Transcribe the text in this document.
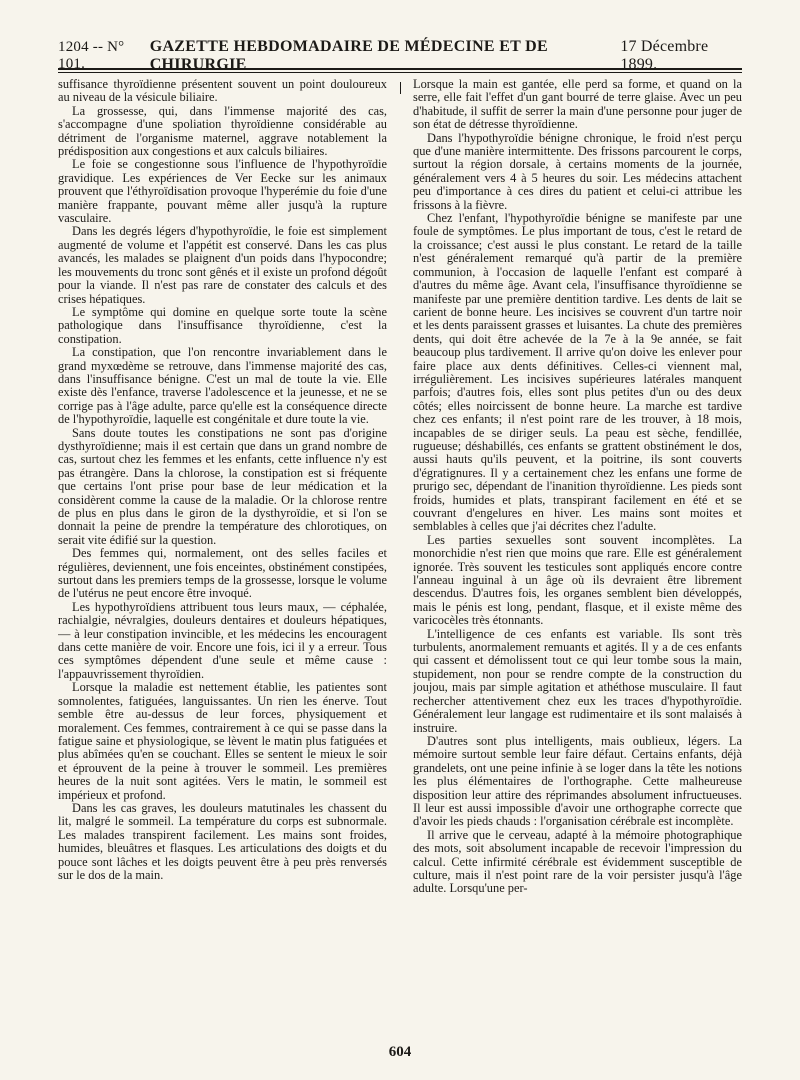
1204 -- N° 101.
GAZETTE HEBDOMADAIRE DE MÉDECINE ET DE CHIRURGIE
17 Décembre 1899.

suffisance thyroïdienne présentent souvent un point douloureux au niveau de la vésicule biliaire.

La grossesse, qui, dans l'immense majorité des cas, s'accompagne d'une spoliation thyroïdienne considérable au détriment de l'organisme maternel, aggrave notablement la prédisposition aux congestions et aux calculs biliaires.

Le foie se congestionne sous l'influence de l'hypothyroïdie gravidique. Les expériences de Ver Eecke sur les animaux prouvent que l'éthyroïdisation provoque l'hyperémie du foie d'une manière frappante, pouvant même aller jusqu'à la rupture vasculaire.

Dans les degrés légers d'hypothyroïdie, le foie est simplement augmenté de volume et l'appétit est conservé. Dans les cas plus avancés, les malades se plaignent d'un poids dans l'hypocondre; les mouvements du tronc sont gênés et il existe un profond dégoût pour la viande. Il n'est pas rare de constater des calculs et des crises hépatiques.

Le symptôme qui domine en quelque sorte toute la scène pathologique dans l'insuffisance thyroïdienne, c'est la constipation.

La constipation, que l'on rencontre invariablement dans le grand myxœdème se retrouve, dans l'immense majorité des cas, dans l'insuffisance bénigne. C'est un mal de toute la vie. Elle existe dès l'enfance, traverse l'adolescence et la jeunesse, et ne se corrige pas à l'âge adulte, parce qu'elle est la conséquence directe de l'hypothyroïdie, laquelle est congénitale et dure toute la vie.

Sans doute toutes les constipations ne sont pas d'origine dysthyroïdienne; mais il est certain que dans un grand nombre de cas, surtout chez les femmes et les enfants, cette influence n'y est pas étrangère. Dans la chlorose, la constipation est si fréquente que certains l'ont prise pour base de leur médication et la considèrent comme la cause de la maladie. Or la chlorose rentre de plus en plus dans le giron de la dysthyroïdie, et si l'on se donnait la peine de prendre la température des chlorotiques, on serait vite édifié sur la question.

Des femmes qui, normalement, ont des selles faciles et régulières, deviennent, une fois enceintes, obstinément constipées, surtout dans les premiers temps de la grossesse, lorsque le volume de l'utérus ne peut encore être invoqué.

Les hypothyroïdiens attribuent tous leurs maux, — céphalée, rachialgie, névralgies, douleurs dentaires et douleurs hépatiques, — à leur constipation invincible, et les médecins les encouragent dans cette manière de voir. Encore une fois, ici il y a erreur. Tous ces symptômes dépendent d'une seule et même cause : l'appauvrissement thyroïdien.

Lorsque la maladie est nettement établie, les patientes sont somnolentes, fatiguées, languissantes. Un rien les énerve. Tout semble être au-dessus de leur forces, physiquement et moralement. Ces femmes, contrairement à ce qui se passe dans la fatigue saine et physiologique, se lèvent le matin plus fatiguées et plus abîmées qu'en se couchant. Elles se sentent le mieux le soir et éprouvent de la peine à trouver le sommeil. Les premières heures de la nuit sont agitées. Vers le matin, le sommeil est impérieux et profond.

Dans les cas graves, les douleurs matutinales les chassent du lit, malgré le sommeil. La température du corps est subnormale. Les malades transpirent facilement. Les mains sont froides, humides, bleuâtres et flasques. Les articulations des doigts et du pouce sont lâches et les doigts peuvent être à peu près renversés sur le dos de la main.

Lorsque la main est gantée, elle perd sa forme, et quand on la serre, elle fait l'effet d'un gant bourré de terre glaise. Avec un peu d'habitude, il suffit de serrer la main d'une personne pour juger de son état de détresse thyroïdienne.

Dans l'hypothyroïdie bénigne chronique, le froid n'est perçu que d'une manière intermittente. Des frissons parcourent le corps, surtout la région dorsale, à certains moments de la journée, généralement vers 4 à 5 heures du soir. Les médecins attachent peu d'importance à ces dires du patient et celui-ci attribue les frissons à la fièvre.

Chez l'enfant, l'hypothyroïdie bénigne se manifeste par une foule de symptômes. Le plus important de tous, c'est le retard de la croissance; c'est aussi le plus constant. Le retard de la taille n'est généralement remarqué qu'à partir de la première communion, à l'occasion de laquelle l'enfant est comparé à d'autres du même âge. Avant cela, l'insuffisance thyroïdienne se manifeste par une première dentition tardive. Les dents de lait se carient de bonne heure. Les incisives se couvrent d'un tartre noir et les dents paraissent grasses et luisantes. La chute des premières dents, qui doit être achevée de la 7e à la 9e année, se fait beaucoup plus tardivement. Il arrive qu'on doive les enlever pour faire place aux dents définitives. Celles-ci viennent mal, irrégulièrement. Les incisives supérieures latérales manquent parfois; d'autres fois, elles sont plus petites d'un ou des deux côtés; elles noircissent de bonne heure. La marche est tardive chez ces enfants; il n'est point rare de les trouver, à 18 mois, incapables de se diriger seuls. La peau est sèche, fendillée, rugueuse; déshabillés, ces enfants se grattent obstinément le dos, aussi hauts qu'ils peuvent, et la poitrine, ils sont couverts d'égratignures. Il y a certainement chez les enfans une forme de prurigo sec, dépendant de l'inanition thyroïdienne. Les pieds sont froids, humides et plats, transpirant facilement en été et se couvrant d'engelures en hiver. Les mains sont moites et semblables à celles que j'ai décrites chez l'adulte.

Les parties sexuelles sont souvent incomplètes. La monorchidie n'est rien que moins que rare. Elle est généralement ignorée. Très souvent les testicules sont appliqués encore contre l'anneau inguinal à un âge où ils devraient être librement descendus. D'autres fois, les organes semblent bien développés, mais le pénis est long, pendant, flasque, et il existe même des varicocèles très étonnants.

L'intelligence de ces enfants est variable. Ils sont très turbulents, anormalement remuants et agités. Il y a de ces enfants qui cassent et démolissent tout ce qui leur tombe sous la main, stupidement, non pour se rendre compte de la construction du joujou, mais par simple agitation et athéthose musculaire. Il faut rechercher attentivement chez eux les traces d'hypothyroïdie. Généralement leur langage est rudimentaire et ils sont malaisés à instruire.

D'autres sont plus intelligents, mais oublieux, légers. La mémoire surtout semble leur faire défaut. Certains enfants, déjà grandelets, ont une peine infinie à se loger dans la tête les notions les plus élémentaires de l'orthographe. Cette malheureuse disposition leur attire des réprimandes absolument infructueuses. Il leur est aussi impossible d'avoir une orthographe correcte que d'avoir les pieds chauds : l'organisation cérébrale est incomplète.

Il arrive que le cerveau, adapté à la mémoire photographique des mots, soit absolument incapable de recevoir l'impression du calcul. Cette infirmité cérébrale est évidemment susceptible de culture, mais il n'est point rare de la voir persister jusqu'à l'âge adulte. Lorsqu'une per-

604
